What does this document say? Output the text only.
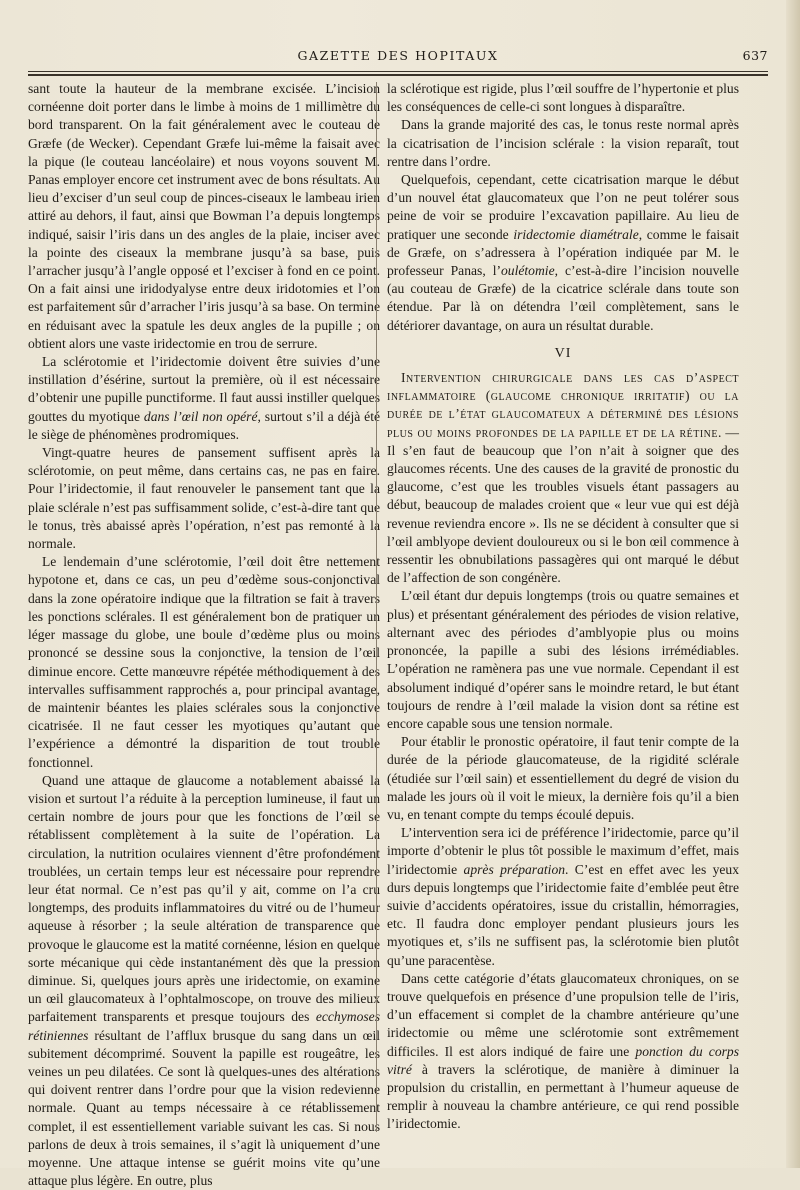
GAZETTE DES HOPITAUX	637

sant toute la hauteur de la membrane excisée. L’incision cornéenne doit porter dans le limbe à moins de 1 millimètre du bord transparent. On la fait généralement avec le couteau de Græfe (de Wecker). Cependant Græfe lui-même la faisait avec la pique (le couteau lancéolaire) et nous voyons souvent M. Panas employer encore cet instrument avec de bons résultats. Au lieu d’exciser d’un seul coup de pinces-ciseaux le lambeau irien attiré au dehors, il faut, ainsi que Bowman l’a depuis longtemps indiqué, saisir l’iris dans un des angles de la plaie, inciser avec la pointe des ciseaux la membrane jusqu’à sa base, puis l’arracher jusqu’à l’angle opposé et l’exciser à fond en ce point. On a fait ainsi une iridodyalyse entre deux iridotomies et l’on est parfaitement sûr d’arracher l’iris jusqu’à sa base. On termine en réduisant avec la spatule les deux angles de la pupille ; on obtient alors une vaste iridectomie en trou de serrure.

La sclérotomie et l’iridectomie doivent être suivies d’une instillation d’ésérine, surtout la première, où il est nécessaire d’obtenir une pupille punctiforme. Il faut aussi instiller quelques gouttes du myotique dans l’œil non opéré, surtout s’il a déjà été le siège de phénomènes prodromiques.

Vingt-quatre heures de pansement suffisent après la sclérotomie, on peut même, dans certains cas, ne pas en faire. Pour l’iridectomie, il faut renouveler le pansement tant que la plaie sclérale n’est pas suffisamment solide, c’est-à-dire tant que le tonus, très abaissé après l’opération, n’est pas remonté à la normale.

Le lendemain d’une sclérotomie, l’œil doit être nettement hypotone et, dans ce cas, un peu d’œdème sous-conjonctival dans la zone opératoire indique que la filtration se fait à travers les ponctions sclérales. Il est généralement bon de pratiquer un léger massage du globe, une boule d’œdème plus ou moins prononcé se dessine sous la conjonctive, la tension de l’œil diminue encore. Cette manœuvre répétée méthodiquement à des intervalles suffisamment rapprochés a, pour principal avantage, de maintenir béantes les plaies sclérales sous la conjonctive cicatrisée. Il ne faut cesser les myotiques qu’autant que l’expérience a démontré la disparition de tout trouble fonctionnel.

Quand une attaque de glaucome a notablement abaissé la vision et surtout l’a réduite à la perception lumineuse, il faut un certain nombre de jours pour que les fonctions de l’œil se rétablissent complètement à la suite de l’opération. La circulation, la nutrition oculaires viennent d’être profondément troublées, un certain temps leur est nécessaire pour reprendre leur état normal. Ce n’est pas qu’il y ait, comme on l’a cru longtemps, des produits inflammatoires du vitré ou de l’humeur aqueuse à résorber ; la seule altération de transparence que provoque le glaucome est la matité cornéenne, lésion en quelque sorte mécanique qui cède instantanément dès que la pression diminue. Si, quelques jours après une iridectomie, on examine un œil glaucomateux à l’ophtalmoscope, on trouve des milieux parfaitement transparents et presque toujours des ecchymoses rétiniennes résultant de l’afflux brusque du sang dans un œil subitement décomprimé. Souvent la papille est rougeâtre, les veines un peu dilatées. Ce sont là quelques-unes des altérations qui doivent rentrer dans l’ordre pour que la vision redevienne normale. Quant au temps nécessaire à ce rétablissement complet, il est essentiellement variable suivant les cas. Si nous parlons de deux à trois semaines, il s’agit là uniquement d’une moyenne. Une attaque intense se guérit moins vite qu’une attaque plus légère. En outre, plus

la sclérotique est rigide, plus l’œil souffre de l’hypertonie et plus les conséquences de celle-ci sont longues à disparaître.

Dans la grande majorité des cas, le tonus reste normal après la cicatrisation de l’incision sclérale : la vision reparaît, tout rentre dans l’ordre.

Quelquefois, cependant, cette cicatrisation marque le début d’un nouvel état glaucomateux que l’on ne peut tolérer sous peine de voir se produire l’excavation papillaire. Au lieu de pratiquer une seconde iridectomie diamétrale, comme le faisait de Græfe, on s’adressera à l’opération indiquée par M. le professeur Panas, l’oulétomie, c’est-à-dire l’incision nouvelle (au couteau de Græfe) de la cicatrice sclérale dans toute son étendue. Par là on détendra l’œil complètement, sans le détériorer davantage, on aura un résultat durable.

VI

Intervention chirurgicale dans les cas d’aspect inflammatoire (glaucome chronique irritatif) ou la durée de l’état glaucomateux a déterminé des lésions plus ou moins profondes de la papille et de la rétine. — Il s’en faut de beaucoup que l’on n’ait à soigner que des glaucomes récents. Une des causes de la gravité de pronostic du glaucome, c’est que les troubles visuels étant passagers au début, beaucoup de malades croient que « leur vue qui est déjà revenue reviendra encore ». Ils ne se décident à consulter que si l’œil amblyope devient douloureux ou si le bon œil commence à ressentir les obnubilations passagères qui ont marqué le début de l’affection de son congénère.

L’œil étant dur depuis longtemps (trois ou quatre semaines et plus) et présentant généralement des périodes de vision relative, alternant avec des périodes d’amblyopie plus ou moins prononcée, la papille a subi des lésions irrémédiables. L’opération ne ramènera pas une vue normale. Cependant il est absolument indiqué d’opérer sans le moindre retard, le but étant toujours de rendre à l’œil malade la vision dont sa rétine est encore capable sous une tension normale.

Pour établir le pronostic opératoire, il faut tenir compte de la durée de la période glaucomateuse, de la rigidité sclérale (étudiée sur l’œil sain) et essentiellement du degré de vision du malade les jours où il voit le mieux, la dernière fois qu’il a bien vu, en tenant compte du temps écoulé depuis.

L’intervention sera ici de préférence l’iridectomie, parce qu’il importe d’obtenir le plus tôt possible le maximum d’effet, mais l’iridectomie après préparation. C’est en effet avec les yeux durs depuis longtemps que l’iridectomie faite d’emblée peut être suivie d’accidents opératoires, issue du cristallin, hémorragies, etc. Il faudra donc employer pendant plusieurs jours les myotiques et, s’ils ne suffisent pas, la sclérotomie bien plutôt qu’une paracentèse.

Dans cette catégorie d’états glaucomateux chroniques, on se trouve quelquefois en présence d’une propulsion telle de l’iris, d’un effacement si complet de la chambre antérieure qu’une iridectomie ou même une sclérotomie sont extrêmement difficiles. Il est alors indiqué de faire une ponction du corps vitré à travers la sclérotique, de manière à diminuer la propulsion du cristallin, en permettant à l’humeur aqueuse de remplir à nouveau la chambre antérieure, ce qui rend possible l’iridectomie.
